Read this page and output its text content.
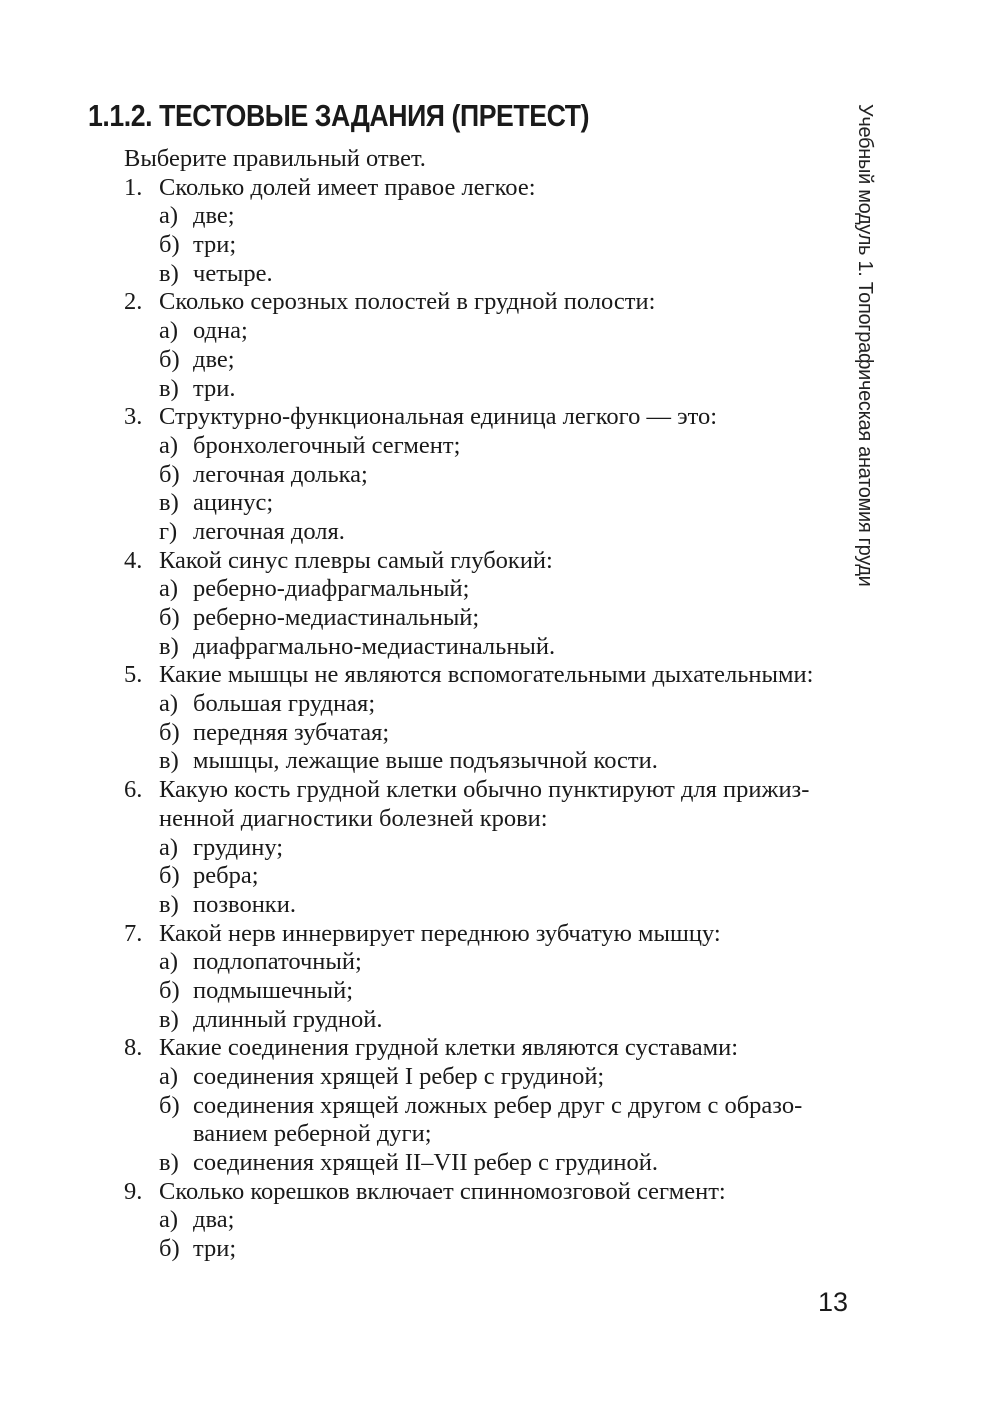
1.1.2. ТЕСТОВЫЕ ЗАДАНИЯ (ПРЕТЕСТ)	Учебный модуль 1. Топографическая анатомия груди
Выберите правильный ответ.
1. Сколько долей имеет правое легкое:
а) две;
б) три;
в) четыре.
2. Сколько серозных полостей в грудной полости:
а) одна;
б) две;
в) три.
3. Структурно-функциональная единица легкого — это:
а) бронхолегочный сегмент;
б) легочная долька;
в) ацинус;
г) легочная доля.
4. Какой синус плевры самый глубокий:
а) реберно-диафрагмальный;
б) реберно-медиастинальный;
в) диафрагмально-медиастинальный.
5. Какие мышцы не являются вспомогательными дыхательными:
а) большая грудная;
б) передняя зубчатая;
в) мышцы, лежащие выше подъязычной кости.
6. Какую кость грудной клетки обычно пунктируют для прижиз-
ненной диагностики болезней крови:
а) грудину;
б) ребра;
в) позвонки.
7. Какой нерв иннервирует переднюю зубчатую мышцу:
а) подлопаточный;
б) подмышечный;
в) длинный грудной.
8. Какие соединения грудной клетки являются суставами:
а) соединения хрящей I ребер с грудиной;
б) соединения хрящей ложных ребер друг с другом с образо-
ванием реберной дуги;
в) соединения хрящей II–VII ребер с грудиной.
9. Сколько корешков включает спинномозговой сегмент:
а) два;
б) три;
13
